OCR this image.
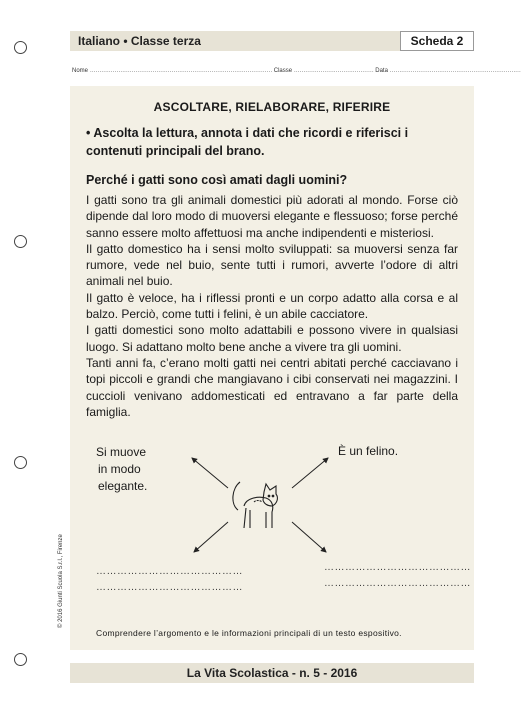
Italiano • Classe terza	Scheda 2
Nome …………………………………………………………………………………… Classe …………………………………… Data ……………………………………………………………
ASCOLTARE, RIELABORARE, RIFERIRE
• Ascolta la lettura, annota i dati che ricordi e riferisci i contenuti principali del brano.
Perché i gatti sono così amati dagli uomini?

I gatti sono tra gli animali domestici più adorati al mondo. Forse ciò dipende dal loro modo di muoversi elegante e flessuoso; forse perché sanno essere molto affettuosi ma anche indipendenti e misteriosi.

Il gatto domestico ha i sensi molto sviluppati: sa muoversi senza far rumore, vede nel buio, sente tutti i rumori, avverte l’odore di altri animali nel buio.

Il gatto è veloce, ha i riflessi pronti e un corpo adatto alla corsa e al balzo. Perciò, come tutti i felini, è un abile cacciatore.

I gatti domestici sono molto adattabili e possono vivere in qualsiasi luogo. Si adattano molto bene anche a vivere tra gli uomini.

Tanti anni fa, c’erano molti gatti nei centri abitati perché cacciavano i topi piccoli e grandi che mangiavano i cibi conservati nei magazzini. I cuccioli venivano addomesticati ed entravano a far parte della famiglia.

Si muove
in modo
elegante.
È un felino.
……………………………………
……………………………………
……………………………………
……………………………………
Comprendere l’argomento e le informazioni principali di un testo espositivo.
© 2016 Giunti Scuola S.r.l., Firenze
La Vita Scolastica - n. 5 - 2016
